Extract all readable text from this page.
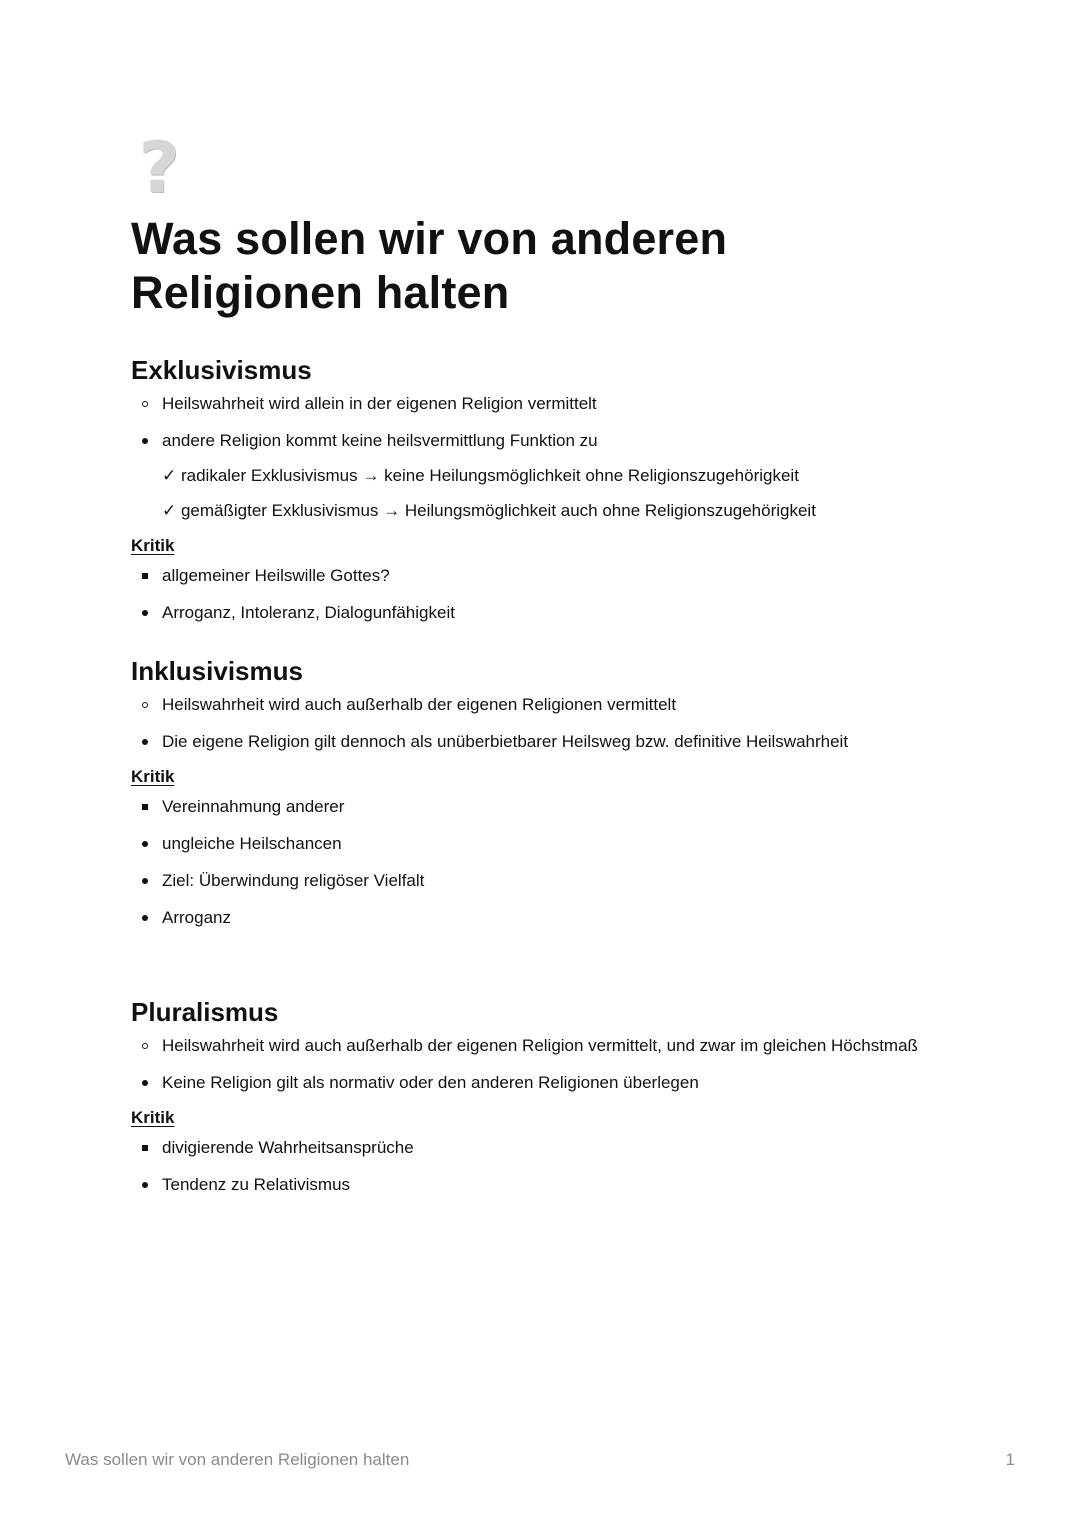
?
Was sollen wir von anderen Religionen halten
Exklusivismus
Heilswahrheit wird allein in der eigenen Religion vermittelt
andere Religion kommt keine heilsvermittlung Funktion zu
✓ radikaler Exklusivismus → keine Heilungsmöglichkeit ohne Religionszugehörigkeit
✓ gemäßigter Exklusivismus → Heilungsmöglichkeit auch ohne Religionszugehörigkeit
Kritik
allgemeiner Heilswille Gottes?
Arroganz, Intoleranz, Dialogunfähigkeit
Inklusivismus
Heilswahrheit wird auch außerhalb der eigenen Religionen vermittelt
Die eigene Religion gilt dennoch als unüberbietbarer Heilsweg bzw. definitive Heilswahrheit
Kritik
Vereinnahmung anderer
ungleiche Heilschancen
Ziel: Überwindung religöser Vielfalt
Arroganz
Pluralismus
Heilswahrheit wird auch außerhalb der eigenen Religion vermittelt, und zwar im gleichen Höchstmaß
Keine Religion gilt als normativ oder den anderen Religionen überlegen
Kritik
divigierende Wahrheitsansprüche
Tendenz zu Relativismus
Was sollen wir von anderen Religionen halten	1
